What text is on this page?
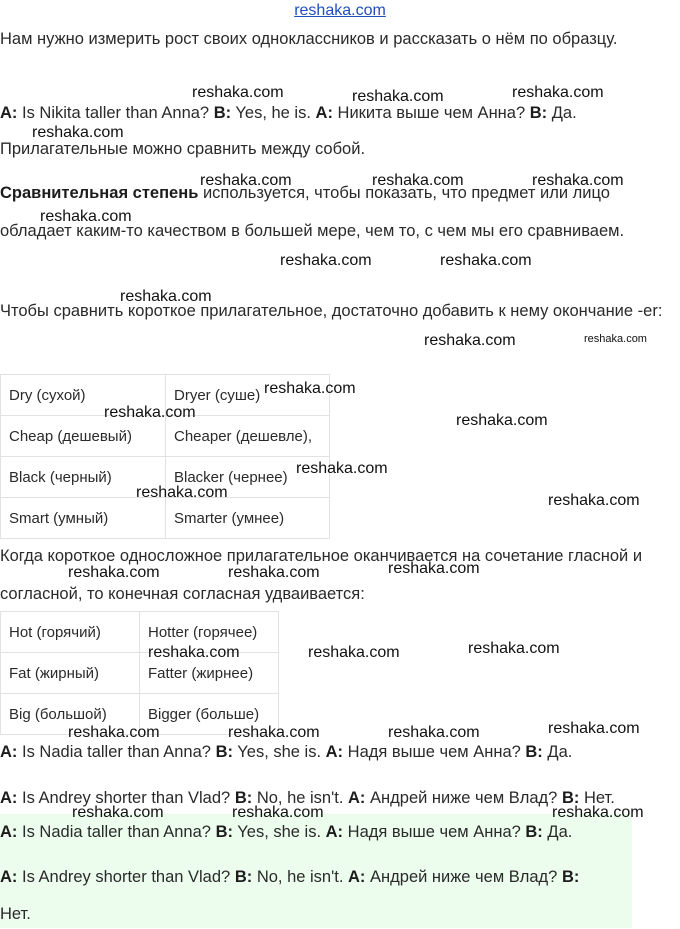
reshaka.com

Нам нужно измерить рост своих одноклассников и рассказать о нём по образцу.

A: Is Nikita taller than Anna? B: Yes, he is. A: Никита выше чем Анна? B: Да.

Прилагательные можно сравнить между собой.

Сравнительная степень используется, чтобы показать, что предмет или лицо обладает каким-то качеством в большей мере, чем то, с чем мы его сравниваем.

Чтобы сравнить короткое прилагательное, достаточно добавить к нему окончание -er:

Dry (сухой)	Dryer (суше)
Cheap (дешевый)	Cheaper (дешевле),
Black (черный)	Blacker (чернее)
Smart (умный)	Smarter (умнее)

Когда короткое односложное прилагательное оканчивается на сочетание гласной и согласной, то конечная согласная удваивается:

Hot (горячий)	Hotter (горячее)
Fat (жирный)	Fatter (жирнее)
Big (большой)	Bigger (больше)

A: Is Nadia taller than Anna? B: Yes, she is. A: Надя выше чем Анна? B: Да.

A: Is Andrey shorter than Vlad? B: No, he isn't. A: Андрей ниже чем Влад? B: Нет.

A: Is Nadia taller than Anna? B: Yes, she is. A: Надя выше чем Анна? B: Да.

A: Is Andrey shorter than Vlad? B: No, he isn't. A: Андрей ниже чем Влад? B:

Нет.

reshaka.com	reshaka.com	reshaka.com
reshaka.com
reshaka.com	reshaka.com	reshaka.com
reshaka.com
reshaka.com	reshaka.com
reshaka.com
reshaka.com	reshaka.com
reshaka.com
reshaka.com	reshaka.com
reshaka.com
reshaka.com	reshaka.com
reshaka.com	reshaka.com	reshaka.com
reshaka.com	reshaka.com	reshaka.com
reshaka.com	reshaka.com	reshaka.com	reshaka.com
reshaka.com	reshaka.com	reshaka.com
